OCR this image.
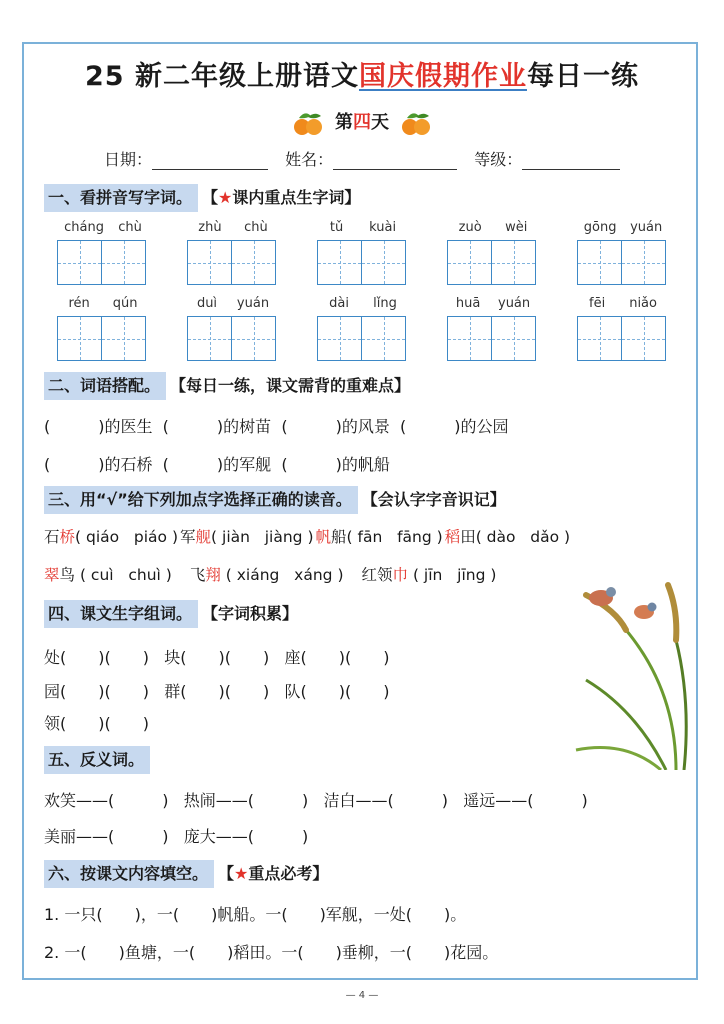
25 新二年级上册语文国庆假期作业每日一练
第四天
日期：	姓名：	等级：
一、看拼音写字词。 【★课内重点生字词】
cháng chù	zhù chù	tǔ kuài	zuò wèi	gōng yuán
rén qún	duì yuán	dài lǐng	huā yuán	fēi niǎo
二、词语搭配。 【每日一练，课文需背的重难点】
(　　　)的医生 (　　　)的树苗 (　　　)的风景 (　　　)的公园
(　　　)的石桥 (　　　)的军舰 (　　　)的帆船
三、用“√”给下列加点字选择正确的读音。 【会认字字音识记】
石桥( qiáo   piáo ) 军舰( jiàn   jiàng ) 帆船( fān   fāng ) 稻田( dào   dǎo )
翠鸟 ( cuì   chuì ) 飞翔 ( xiáng   xáng ) 红领巾 ( jīn   jīng )
四、课文生字组词。 【字词积累】
处(　　)(　　) 块(　　)(　　) 座(　　)(　　)
园(　　)(　　) 群(　　)(　　) 队(　　)(　　)
领(　　)(　　)
五、反义词。
欢笑——(　　　) 热闹——(　　　) 洁白——(　　　) 遥远——(　　　)
美丽——(　　　) 庞大——(　　　)
六、按课文内容填空。 【★重点必考】
1. 一只(　　)，一(　　)帆船。一(　　)军舰，一处(　　)。
2. 一(　　)鱼塘，一(　　)稻田。一(　　)垂柳，一(　　)花园。
— 4 —
